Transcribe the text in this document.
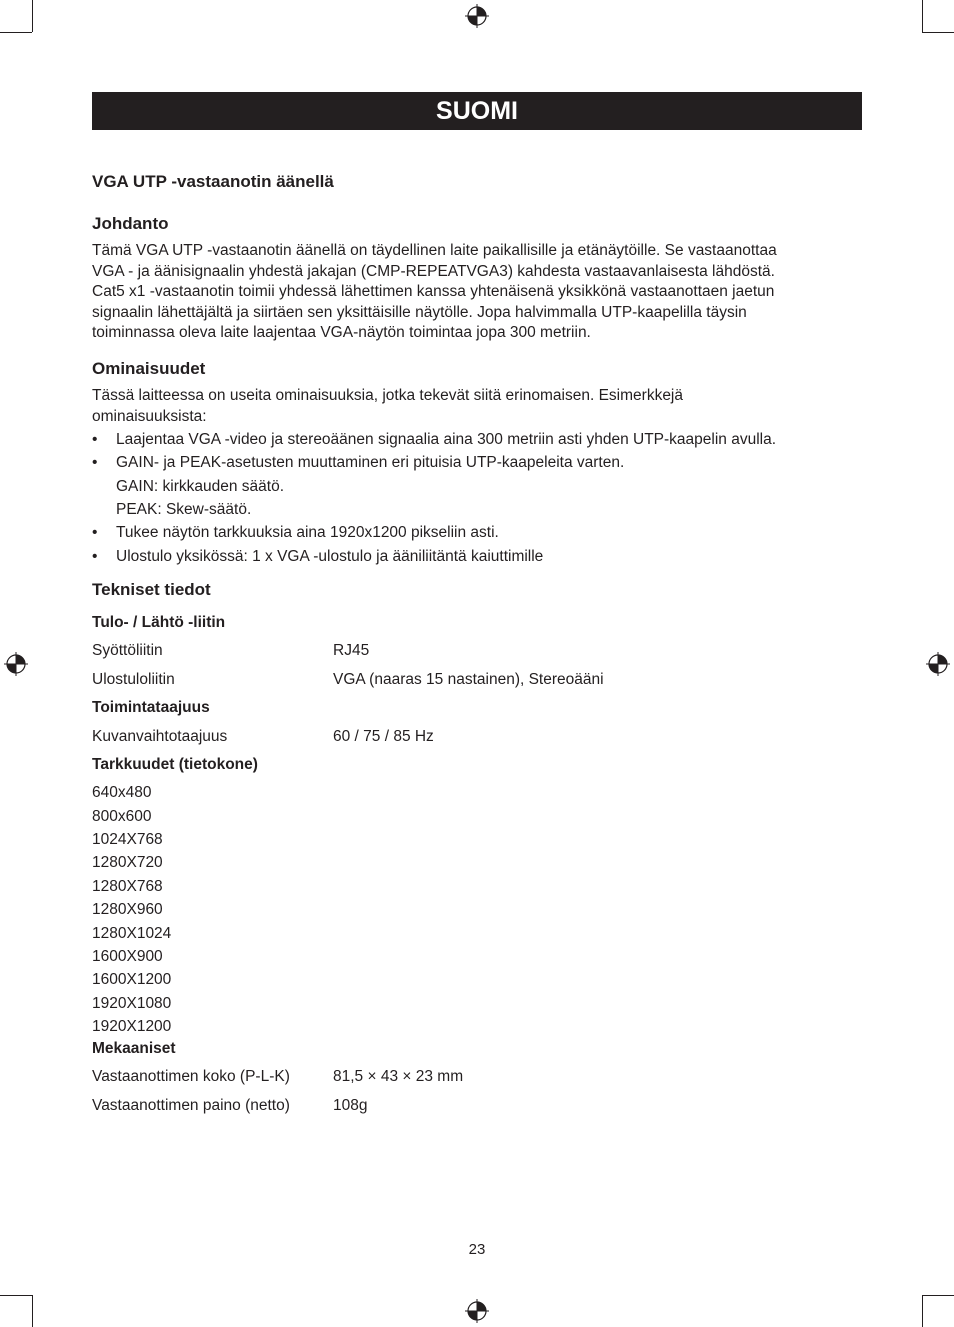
SUOMI
VGA UTP -vastaanotin äänellä
Johdanto
Tämä VGA UTP -vastaanotin äänellä on täydellinen laite paikallisille ja etänäytöille. Se vastaanottaa
VGA - ja äänisignaalin yhdestä jakajan (CMP-REPEATVGA3) kahdesta vastaavanlaisesta lähdöstä.
Cat5 x1 -vastaanotin toimii yhdessä lähettimen kanssa yhtenäisenä yksikkönä vastaanottaen jaetun
signaalin lähettäjältä ja siirtäen sen yksittäisille näytölle. Jopa halvimmalla UTP-kaapelilla täysin
toiminnassa oleva laite laajentaa VGA-näytön toimintaa jopa 300 metriin.
Ominaisuudet
Tässä laitteessa on useita ominaisuuksia, jotka tekevät siitä erinomaisen. Esimerkkejä
ominaisuuksista:
• Laajentaa VGA -video ja stereoäänen signaalia aina 300 metriin asti yhden UTP-kaapelin avulla.
• GAIN- ja PEAK-asetusten muuttaminen eri pituisia UTP-kaapeleita varten.
GAIN: kirkkauden säätö.
PEAK: Skew-säätö.
• Tukee näytön tarkkuuksia aina 1920x1200 pikseliin asti.
• Ulostulo yksikössä: 1 x VGA -ulostulo ja ääniliitäntä kaiuttimille
Tekniset tiedot
Tulo- / Lähtö -liitin
Syöttöliitin	RJ45
Ulostuloliitin	VGA (naaras 15 nastainen), Stereoääni
Toimintataajuus
Kuvanvaihtotaajuus	60 / 75 / 85 Hz
Tarkkuudet (tietokone)
640x480
800x600
1024X768
1280X720
1280X768
1280X960
1280X1024
1600X900
1600X1200
1920X1080
1920X1200
Mekaaniset
Vastaanottimen koko (P-L-K)	81,5 × 43 × 23 mm
Vastaanottimen paino (netto)	108g
23
